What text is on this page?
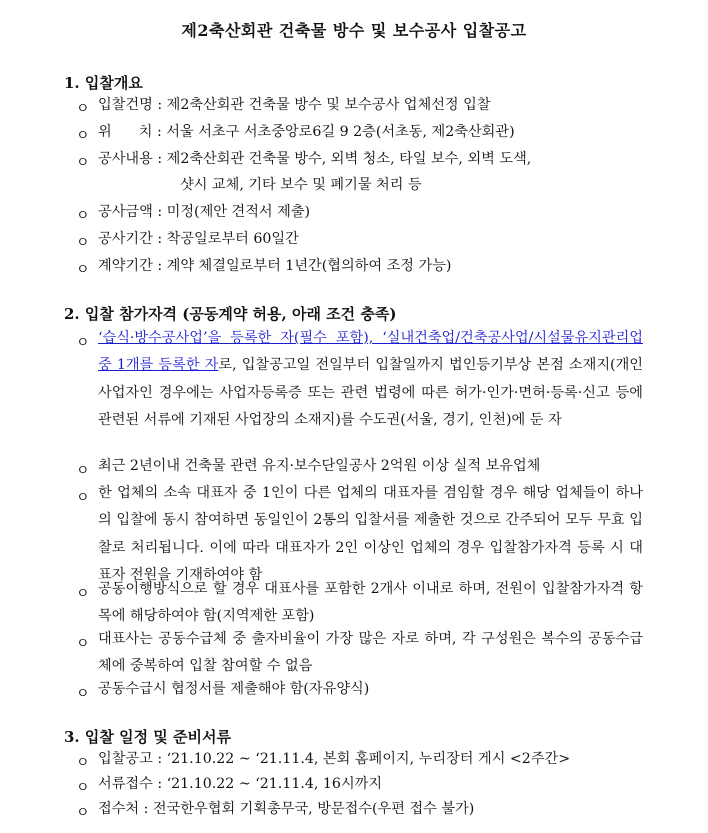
제2축산회관 건축물 방수 및 보수공사 입찰공고
1. 입찰개요
ㅇ 입찰건명 : 제2축산회관 건축물 방수 및 보수공사 업체선정 입찰
ㅇ 위      치 : 서울 서초구 서초중앙로6길 9 2층(서초동, 제2축산회관)
ㅇ 공사내용 : 제2축산회관 건축물 방수, 외벽 청소, 타일 보수, 외벽 도색,
샷시 교체, 기타 보수 및 폐기물 처리 등
ㅇ 공사금액 : 미정(제안 견적서 제출)
ㅇ 공사기간 : 착공일로부터 60일간
ㅇ 계약기간 : 계약 체결일로부터 1년간(협의하여 조정 가능)
2. 입찰 참가자격 (공동계약 허용, 아래 조건 충족)
ㅇ ‘습식·방수공사업’을 등록한 자(필수 포함), ‘실내건축업/건축공사업/시설물유지관리업 중 1개를 등록한 자로, 입찰공고일 전일부터 입찰일까지 법인등기부상 본점 소재지(개인사업자인 경우에는 사업자등록증 또는 관련 법령에 따른 허가·인가·면허·등록·신고 등에 관련된 서류에 기재된 사업장의 소재지)를 수도권(서울, 경기, 인천)에 둔 자
ㅇ 최근 2년이내 건축물 관련 유지·보수단일공사 2억원 이상 실적 보유업체
ㅇ 한 업체의 소속 대표자 중 1인이 다른 업체의 대표자를 겸임할 경우 해당 업체들이 하나의 입찰에 동시 참여하면 동일인이 2통의 입찰서를 제출한 것으로 간주되어 모두 무효 입찰로 처리됩니다. 이에 따라 대표자가 2인 이상인 업체의 경우 입찰참가자격 등록 시 대표자 전원을 기재하여야 함
ㅇ 공동이행방식으로 할 경우 대표사를 포함한 2개사 이내로 하며, 전원이 입찰참가자격 항목에 해당하여야 함(지역제한 포함)
ㅇ 대표사는 공동수급체 중 출자비율이 가장 많은 자로 하며, 각 구성원은 복수의 공동수급체에 중복하여 입찰 참여할 수 없음
ㅇ 공동수급시 협정서를 제출해야 함(자유양식)
3. 입찰 일정 및 준비서류
ㅇ 입찰공고 : ‘21.10.22 ~ ‘21.11.4, 본회 홈페이지, 누리장터 게시 <2주간>
ㅇ 서류접수 : ‘21.10.22 ~ ‘21.11.4, 16시까지
ㅇ 접수처 : 전국한우협회 기획총무국, 방문접수(우편 접수 불가)
